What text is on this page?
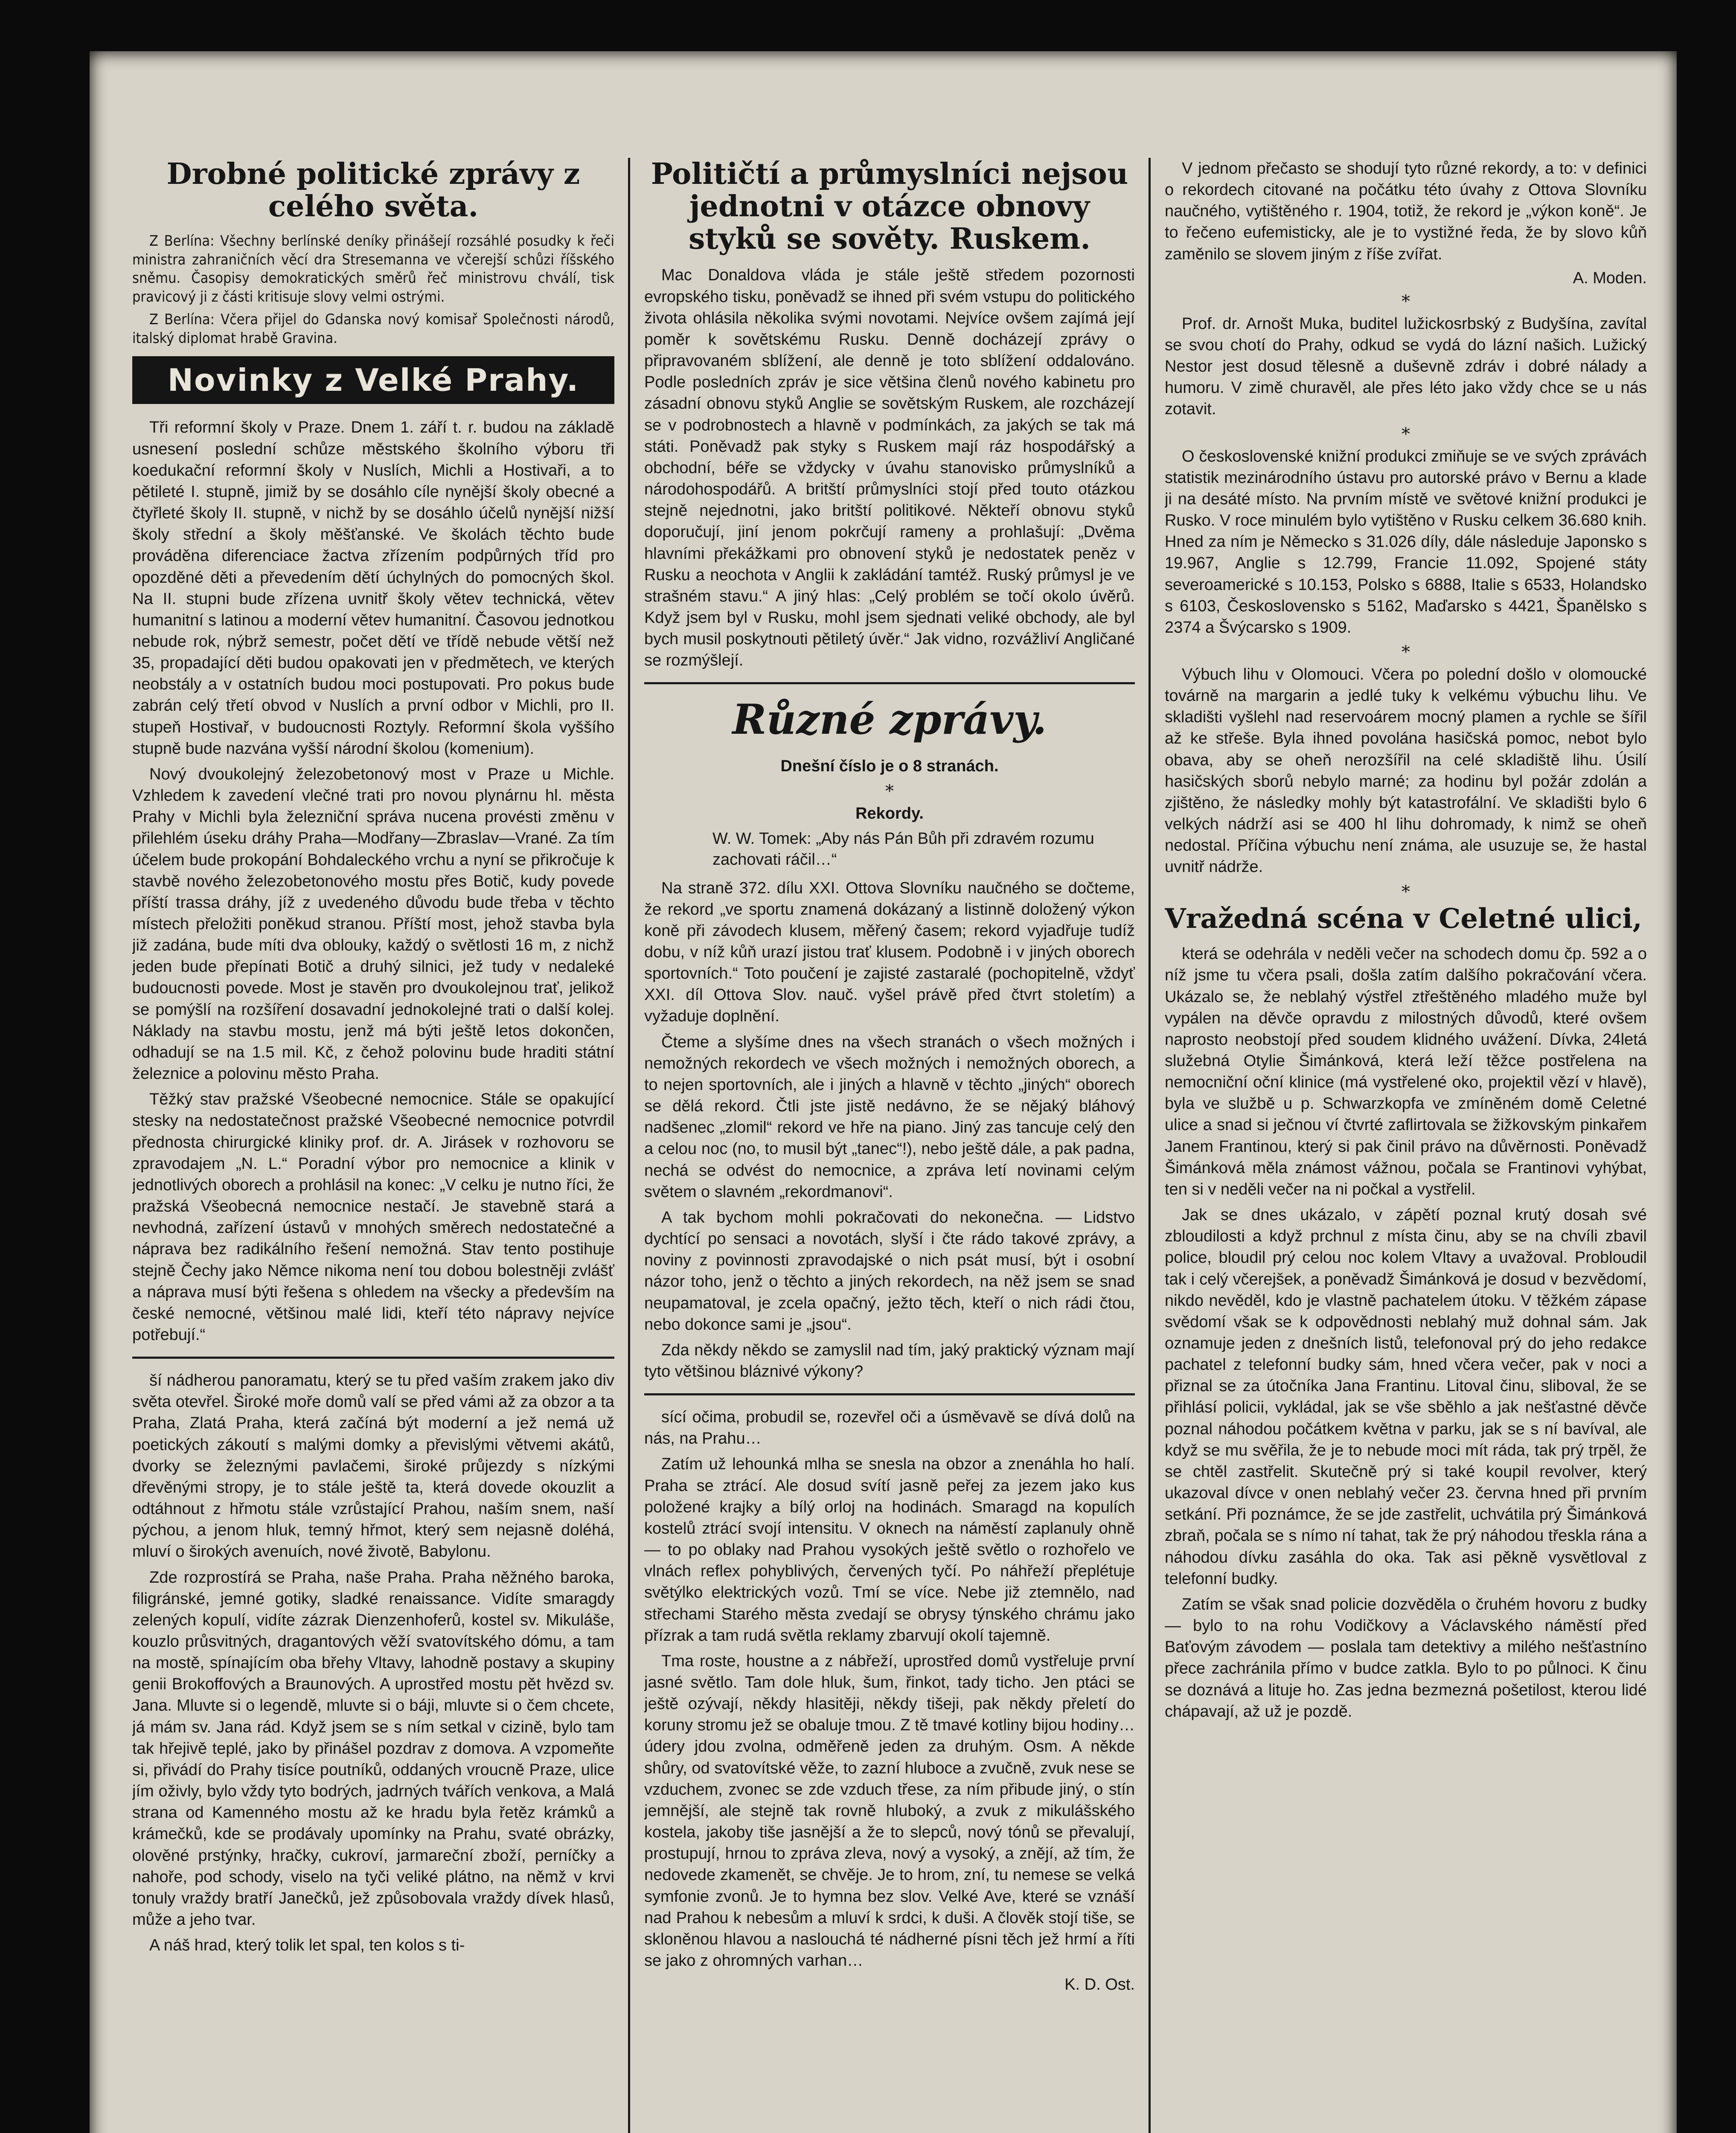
Drobné politické zprávy z celého světa.
Z Berlína: Všechny berlínské deníky přinášejí rozsáhlé posudky k řeči ministra zahraničních věcí dra Stresemanna ve včerejší schůzi říšského sněmu. Časopisy demokratických směrů řeč ministrovu chválí, tisk pravicový ji z části kritisuje slovy velmi ostrými.
Z Berlína: Včera přijel do Gdanska nový komisař Společnosti národů, italský diplomat hrabě Gravina.
Novinky z Velké Prahy.
Tři reformní školy v Praze. Dnem 1. září t. r. budou na základě usnesení poslední schůze městského školního výboru tři koedukační reformní školy v Nuslích, Michli a Hostivaři, a to pětileté I. stupně, jimiž by se dosáhlo cíle nynější školy obecné a čtyřleté školy II. stupně, v nichž by se dosáhlo účelů nynější nižší školy střední a školy měšťanské. Ve školách těchto bude prováděna diferenciace žactva zřízením podpůrných tříd pro opozděné děti a převedením dětí úchylných do pomocných škol. Na II. stupni bude zřízena uvnitř školy větev technická, větev humanitní s latinou a moderní větev humanitní. Časovou jednotkou nebude rok, nýbrž semestr, počet dětí ve třídě nebude větší než 35, propadající děti budou opakovati jen v předmětech, ve kterých neobstály a v ostatních budou moci postupovati. Pro pokus bude zabrán celý třetí obvod v Nuslích a první odbor v Michli, pro II. stupeň Hostivař, v budoucnosti Roztyly. Reformní škola vyššího stupně bude nazvána vyšší národní školou (komenium).
Nový dvoukolejný železobetonový most v Praze u Michle. Vzhledem k zavedení vlečné trati pro novou plynárnu hl. města Prahy v Michli byla železniční správa nucena provésti změnu v přilehlém úseku dráhy Praha—Modřany—Zbraslav—Vrané. Za tím účelem bude prokopání Bohdaleckého vrchu a nyní se přikročuje k stavbě nového železobetonového mostu přes Botič, kudy povede příští trassa dráhy, jíž z uvedeného důvodu bude třeba v těchto místech přeložiti poněkud stranou. Příští most, jehož stavba byla již zadána, bude míti dva oblouky, každý o světlosti 16 m, z nichž jeden bude přepínati Botič a druhý silnici, jež tudy v nedaleké budoucnosti povede. Most je stavěn pro dvoukolejnou trať, jelikož se pomýšlí na rozšíření dosavadní jednokolejné trati o další kolej. Náklady na stavbu mostu, jenž má býti ještě letos dokončen, odhadují se na 1.5 mil. Kč, z čehož polovinu bude hraditi státní železnice a polovinu město Praha.
Těžký stav pražské Všeobecné nemocnice. Stále se opakující stesky na nedostatečnost pražské Všeobecné nemocnice potvrdil přednosta chirurgické kliniky prof. dr. A. Jirásek v rozhovoru se zpravodajem „N. L.“ Poradní výbor pro nemocnice a klinik v jednotlivých oborech a prohlásil na konec: „V celku je nutno říci, že pražská Všeobecná nemocnice nestačí. Je stavebně stará a nevhodná, zařízení ústavů v mnohých směrech nedostatečné a náprava bez radikálního řešení nemožná. Stav tento postihuje stejně Čechy jako Němce nikoma není tou dobou bolestněji zvlášť a náprava musí býti řešena s ohledem na všecky a především na české nemocné, většinou malé lidi, kteří této nápravy nejvíce potřebují.“
ší nádherou panoramatu, který se tu před vaším zrakem jako div světa otevřel. Široké moře domů valí se před vámi až za obzor a ta Praha, Zlatá Praha, která začíná být moderní a jež nemá už poetických zákoutí s malými domky a převislými větvemi akátů, dvorky se železnými pavlačemi, široké průjezdy s nízkými dřevěnými stropy, je to stále ještě ta, která dovede okouzlit a odtáhnout z hřmotu stále vzrůstající Prahou, naším snem, naší pýchou, a jenom hluk, temný hřmot, který sem nejasně doléhá, mluví o širokých avenuích, nové životě, Babylonu.
Zde rozprostírá se Praha, naše Praha. Praha něžného baroka, filigránské, jemné gotiky, sladké renaissance. Vidíte smaragdy zelených kopulí, vidíte zázrak Dienzenhoferů, kostel sv. Mikuláše, kouzlo průsvitných, dragantových věží svatovítského dómu, a tam na mostě, spínajícím oba břehy Vltavy, lahodně postavy a skupiny genii Brokoffových a Braunových. A uprostřed mostu pět hvězd sv. Jana. Mluvte si o legendě, mluvte si o báji, mluvte si o čem chcete, já mám sv. Jana rád. Když jsem se s ním setkal v cizině, bylo tam tak hřejivě teplé, jako by přinášel pozdrav z domova. A vzpomeňte si, přivádí do Prahy tisíce poutníků, oddaných vroucně Praze, ulice jím oživly, bylo vždy tyto bodrých, jadrných tvářích venkova, a Malá strana od Kamenného mostu až ke hradu byla řetěz krámků a krámečků, kde se prodávaly upomínky na Prahu, svaté obrázky, olověné prstýnky, hračky, cukroví, jarmareční zboží, perníčky a nahoře, pod schody, viselo na tyči veliké plátno, na němž v krvi tonuly vraždy bratří Janečků, jež způsobovala vraždy dívek hlasů, může a jeho tvar.
A náš hrad, který tolik let spal, ten kolos s ti-
Političtí a průmyslníci nejsou jednotni v otázce obnovy styků se sověty. Ruskem.
Mac Donaldova vláda je stále ještě středem pozornosti evropského tisku, poněvadž se ihned při svém vstupu do politického života ohlásila několika svými novotami. Nejvíce ovšem zajímá její poměr k sovětskému Rusku. Denně docházejí zprávy o připravovaném sblížení, ale denně je toto sblížení oddalováno. Podle posledních zpráv je sice většina členů nového kabinetu pro zásadní obnovu styků Anglie se sovětským Ruskem, ale rozcházejí se v podrobnostech a hlavně v podmínkách, za jakých se tak má státi. Poněvadž pak styky s Ruskem mají ráz hospodářský a obchodní, béře se vždycky v úvahu stanovisko průmyslníků a národohospodářů. A britští průmyslníci stojí před touto otázkou stejně nejednotni, jako britští politikové. Někteří obnovu styků doporučují, jiní jenom pokrčují rameny a prohlašují: „Dvěma hlavními překážkami pro obnovení styků je nedostatek peněz v Rusku a neochota v Anglii k zakládání tamtéž. Ruský průmysl je ve strašném stavu.“ A jiný hlas: „Celý problém se točí okolo úvěrů. Když jsem byl v Rusku, mohl jsem sjednati veliké obchody, ale byl bych musil poskytnouti pětiletý úvěr.“ Jak vidno, rozvážliví Angličané se rozmýšlejí.
Různé zprávy.
Dnešní číslo je o 8 stranách.
*
Rekordy.
W. W. Tomek: „Aby nás Pán Bůh při zdravém rozumu zachovati ráčil…“
Na straně 372. dílu XXI. Ottova Slovníku naučného se dočteme, že rekord „ve sportu znamená dokázaný a listinně doložený výkon koně při závodech klusem, měřený časem; rekord vyjadřuje tudíž dobu, v níž kůň urazí jistou trať klusem. Podobně i v jiných oborech sportovních.“ Toto poučení je zajisté zastaralé (pochopitelně, vždyť XXI. díl Ottova Slov. nauč. vyšel právě před čtvrt stoletím) a vyžaduje doplnění.
Čteme a slyšíme dnes na všech stranách o všech možných i nemožných rekordech ve všech možných i nemožných oborech, a to nejen sportovních, ale i jiných a hlavně v těchto „jiných“ oborech se dělá rekord. Čtli jste jistě nedávno, že se nějaký bláhový nadšenec „zlomil“ rekord ve hře na piano. Jiný zas tancuje celý den a celou noc (no, to musil být „tanec“!), nebo ještě dále, a pak padna, nechá se odvést do nemocnice, a zpráva letí novinami celým světem o slavném „rekordmanovi“.
A tak bychom mohli pokračovati do nekonečna. — Lidstvo dychtící po sensaci a novotách, slyší i čte rádo takové zprávy, a noviny z povinnosti zpravodajské o nich psát musí, být i osobní názor toho, jenž o těchto a jiných rekordech, na něž jsem se snad neupamatoval, je zcela opačný, ježto těch, kteří o nich rádi čtou, nebo dokonce sami je „jsou“.
Zda někdy někdo se zamyslil nad tím, jaký praktický význam mají tyto většinou bláznivé výkony?
sící očima, probudil se, rozevřel oči a úsměvavě se dívá dolů na nás, na Prahu…
Zatím už lehounká mlha se snesla na obzor a znenáhla ho halí. Praha se ztrácí. Ale dosud svítí jasně peřej za jezem jako kus položené krajky a bílý orloj na hodinách. Smaragd na kopulích kostelů ztrácí svojí intensitu. V oknech na náměstí zaplanuly ohně — to po oblaky nad Prahou vysokých ještě světlo o rozhořelo ve vlnách reflex pohyblivých, červených tyčí. Po náhřeží přeplétuje světýlko elektrických vozů. Tmí se více. Nebe již ztemnělo, nad střechami Starého města zvedají se obrysy týnského chrámu jako přízrak a tam rudá světla reklamy zbarvují okolí tajemně.
Tma roste, houstne a z nábřeží, uprostřed domů vystřeluje první jasné světlo. Tam dole hluk, šum, řinkot, tady ticho. Jen ptáci se ještě ozývají, někdy hlasitěji, někdy tišeji, pak někdy přeletí do koruny stromu jež se obaluje tmou. Z tě tmavé kotliny bijou hodiny… údery jdou zvolna, odměřeně jeden za druhým. Osm. A někde shůry, od svatovítské věže, to zazní hluboce a zvučně, zvuk nese se vzduchem, zvonec se zde vzduch třese, za ním přibude jiný, o stín jemnější, ale stejně tak rovně hluboký, a zvuk z mikulášského kostela, jakoby tiše jasnější a že to slepců, nový tónů se převalují, prostupují, hrnou to zpráva zleva, nový a vysoký, a znějí, až tím, že nedovede zkamenět, se chvěje. Je to hrom, zní, tu nemese se velká symfonie zvonů. Je to hymna bez slov. Velké Ave, které se vznáší nad Prahou k nebesům a mluví k srdci, k duši. A člověk stojí tiše, se skloněnou hlavou a naslouchá té nádherné písni těch jež hrmí a říti se jako z ohromných varhan…
K. D. Ost.
V jednom přečasto se shodují tyto různé rekordy, a to: v definici o rekordech citované na počátku této úvahy z Ottova Slovníku naučného, vytištěného r. 1904, totiž, že rekord je „výkon koně“. Je to řečeno eufemisticky, ale je to vystižné ředa, že by slovo kůň zaměnilo se slovem jiným z říše zvířat.
A. Moden.
*
Prof. dr. Arnošt Muka, buditel lužickosrbský z Budyšína, zavítal se svou chotí do Prahy, odkud se vydá do lázní našich. Lužický Nestor jest dosud tělesně a duševně zdráv i dobré nálady a humoru. V zimě churavěl, ale přes léto jako vždy chce se u nás zotavit.
*
O československé knižní produkci zmiňuje se ve svých zprávách statistik mezinárodního ústavu pro autorské právo v Bernu a klade ji na desáté místo. Na prvním místě ve světové knižní produkci je Rusko. V roce minulém bylo vytištěno v Rusku celkem 36.680 knih. Hned za ním je Německo s 31.026 díly, dále následuje Japonsko s 19.967, Anglie s 12.799, Francie 11.092, Spojené státy severoamerické s 10.153, Polsko s 6888, Italie s 6533, Holandsko s 6103, Československo s 5162, Maďarsko s 4421, Španělsko s 2374 a Švýcarsko s 1909.
*
Výbuch lihu v Olomouci. Včera po polední došlo v olomoucké továrně na margarin a jedlé tuky k velkému výbuchu lihu. Ve skladišti vyšlehl nad reservoárem mocný plamen a rychle se šířil až ke střeše. Byla ihned povolána hasičská pomoc, nebot bylo obava, aby se oheň nerozšířil na celé skladiště lihu. Úsilí hasičských sborů nebylo marné; za hodinu byl požár zdolán a zjištěno, že následky mohly být katastrofální. Ve skladišti bylo 6 velkých nádrží asi se 400 hl lihu dohromady, k nimž se oheň nedostal. Příčina výbuchu není známa, ale usuzuje se, že hastal uvnitř nádrže.
*
Vražedná scéna v Celetné ulici,
která se odehrála v neděli večer na schodech domu čp. 592 a o níž jsme tu včera psali, došla zatím dalšího pokračování včera. Ukázalo se, že neblahý výstřel ztřeštěného mladého muže byl vypálen na děvče opravdu z milostných důvodů, které ovšem naprosto neobstojí před soudem klidného uvážení. Dívka, 24letá služebná Otylie Šimánková, která leží těžce postřelena na nemocniční oční klinice (má vystřelené oko, projektil vězí v hlavě), byla ve službě u p. Schwarzkopfa ve zmíněném domě Celetné ulice a snad si ječnou ví čtvrté zaflirtovala se žižkovským pinkařem Janem Frantinou, který si pak činil právo na důvěrnosti. Poněvadž Šimánková měla známost vážnou, počala se Frantinovi vyhýbat, ten si v neděli večer na ni počkal a vystřelil.
Jak se dnes ukázalo, v zápětí poznal krutý dosah své zbloudilosti a když prchnul z místa činu, aby se na chvíli zbavil police, bloudil prý celou noc kolem Vltavy a uvažoval. Probloudil tak i celý včerejšek, a poněvadž Šimánková je dosud v bezvědomí, nikdo nevěděl, kdo je vlastně pachatelem útoku. V těžkém zápase svědomí však se k odpovědnosti neblahý muž dohnal sám. Jak oznamuje jeden z dnešních listů, telefonoval prý do jeho redakce pachatel z telefonní budky sám, hned včera večer, pak v noci a přiznal se za útočníka Jana Frantinu. Litoval činu, sliboval, že se přihlásí policii, vykládal, jak se vše sběhlo a jak nešťastné děvče poznal náhodou počátkem května v parku, jak se s ní bavíval, ale když se mu svěřila, že je to nebude moci mít ráda, tak prý trpěl, že se chtěl zastřelit. Skutečně prý si také koupil revolver, který ukazoval dívce v onen neblahý večer 23. června hned při prvním setkání. Při poznámce, že se jde zastřelit, uchvátila prý Šimánková zbraň, počala se s nímo ní tahat, tak že prý náhodou třeskla rána a náhodou dívku zasáhla do oka. Tak asi pěkně vysvětloval z telefonní budky.
Zatím se však snad policie dozvěděla o čruhém hovoru z budky — bylo to na rohu Vodičkovy a Václavského náměstí před Baťovým závodem — poslala tam detektivy a milého nešťastníno přece zachránila přímo v budce zatkla. Bylo to po půlnoci. K činu se doznává a lituje ho. Zas jedna bezmezná pošetilost, kterou lidé chápavají, až už je pozdě.
